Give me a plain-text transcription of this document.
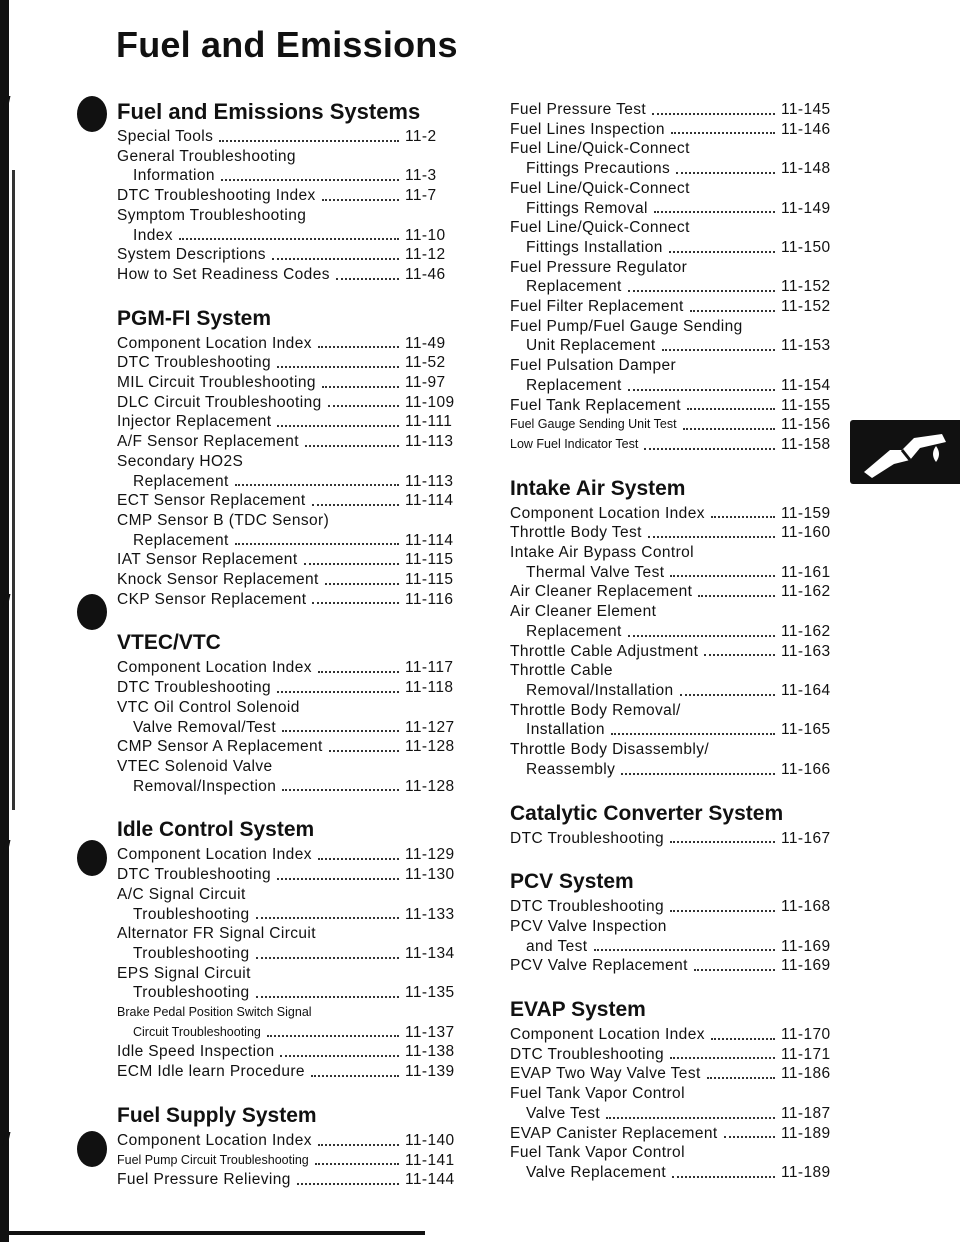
Fuel and Emissions
Fuel and Emissions Systems
Special Tools	11-2
General Troubleshooting
Information	11-3
DTC Troubleshooting Index	11-7
Symptom Troubleshooting
Index	11-10
System Descriptions	11-12
How to Set Readiness Codes	11-46
PGM-FI System
Component Location Index	11-49
DTC Troubleshooting	11-52
MIL Circuit Troubleshooting	11-97
DLC Circuit Troubleshooting	11-109
Injector Replacement	11-111
A/F Sensor Replacement	11-113
Secondary HO2S
Replacement	11-113
ECT Sensor Replacement	11-114
CMP Sensor B (TDC Sensor)
Replacement	11-114
IAT Sensor Replacement	11-115
Knock Sensor Replacement	11-115
CKP Sensor Replacement	11-116
VTEC/VTC
Component Location Index	11-117
DTC Troubleshooting	11-118
VTC Oil Control Solenoid
Valve Removal/Test	11-127
CMP Sensor A Replacement	11-128
VTEC Solenoid Valve
Removal/Inspection	11-128
Idle Control System
Component Location Index	11-129
DTC Troubleshooting	11-130
A/C Signal Circuit
Troubleshooting	11-133
Alternator FR Signal Circuit
Troubleshooting	11-134
EPS Signal Circuit
Troubleshooting	11-135
Brake Pedal Position Switch Signal
Circuit Troubleshooting	11-137
Idle Speed Inspection	11-138
ECM Idle learn Procedure	11-139
Fuel Supply System
Component Location Index	11-140
Fuel Pump Circuit Troubleshooting	11-141
Fuel Pressure Relieving	11-144
Fuel Pressure Test	11-145
Fuel Lines Inspection	11-146
Fuel Line/Quick-Connect
Fittings Precautions	11-148
Fuel Line/Quick-Connect
Fittings Removal	11-149
Fuel Line/Quick-Connect
Fittings Installation	11-150
Fuel Pressure Regulator
Replacement	11-152
Fuel Filter Replacement	11-152
Fuel Pump/Fuel Gauge Sending
Unit Replacement	11-153
Fuel Pulsation Damper
Replacement	11-154
Fuel Tank Replacement	11-155
Fuel Gauge Sending Unit Test	11-156
Low Fuel Indicator Test	11-158
Intake Air System
Component Location Index	11-159
Throttle Body Test	11-160
Intake Air Bypass Control
Thermal Valve Test	11-161
Air Cleaner Replacement	11-162
Air Cleaner Element
Replacement	11-162
Throttle Cable Adjustment	11-163
Throttle Cable
Removal/Installation	11-164
Throttle Body Removal/
Installation	11-165
Throttle Body Disassembly/
Reassembly	11-166
Catalytic Converter System
DTC Troubleshooting	11-167
PCV System
DTC Troubleshooting	11-168
PCV Valve Inspection
and Test	11-169
PCV Valve Replacement	11-169
EVAP System
Component Location Index	11-170
DTC Troubleshooting	11-171
EVAP Two Way Valve Test	11-186
Fuel Tank Vapor Control
Valve Test	11-187
EVAP Canister Replacement	11-189
Fuel Tank Vapor Control
Valve Replacement	11-189
